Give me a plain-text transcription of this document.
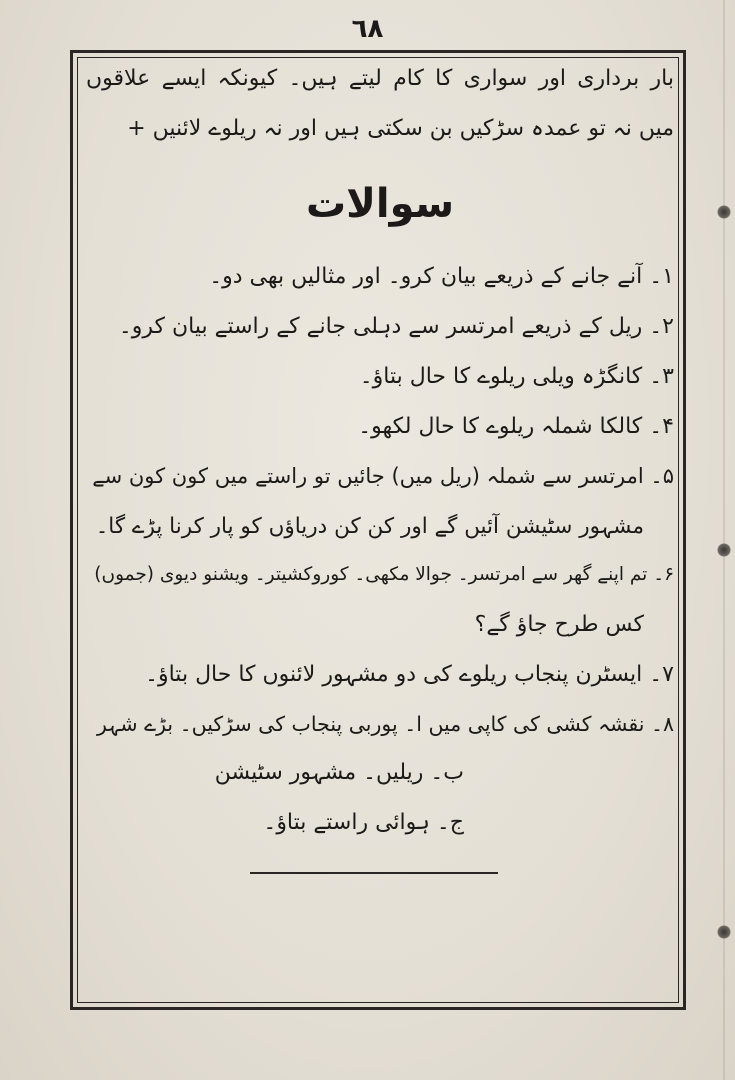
٦٨
بار برداری اور سواری کا کام لیتے ہیں۔ کیونکہ ایسے علاقوں
میں نہ تو عمدہ سڑکیں بن سکتی ہیں اور نہ ریلوے لائنیں +
سوالات
۱۔ آنے جانے کے ذریعے بیان کرو۔ اور مثالیں بھی دو۔
۲۔ ریل کے ذریعے امرتسر سے دہلی جانے کے راستے بیان کرو۔
۳۔ کانگڑہ ویلی ریلوے کا حال بتاؤ۔
۴۔ کالکا شملہ ریلوے کا حال لکھو۔
۵۔ امرتسر سے شملہ (ریل میں) جائیں تو راستے میں کون کون سے
مشہور سٹیشن آئیں گے اور کن کن دریاؤں کو پار کرنا پڑے گا۔
۶۔ تم اپنے گھر سے امرتسر۔ جوالا مکھی۔ کوروکشیتر۔ ویشنو دیوی (جموں)
کس طرح جاؤ گے؟
۷۔ ایسٹرن پنجاب ریلوے کی دو مشہور لائنوں کا حال بتاؤ۔
۸۔ نقشہ کشی کی کاپی میں ا۔ پوربی پنجاب کی سڑکیں۔ بڑے شہر
ب۔ ریلیں۔ مشہور سٹیشن
ج۔ ہوائی راستے بتاؤ۔
